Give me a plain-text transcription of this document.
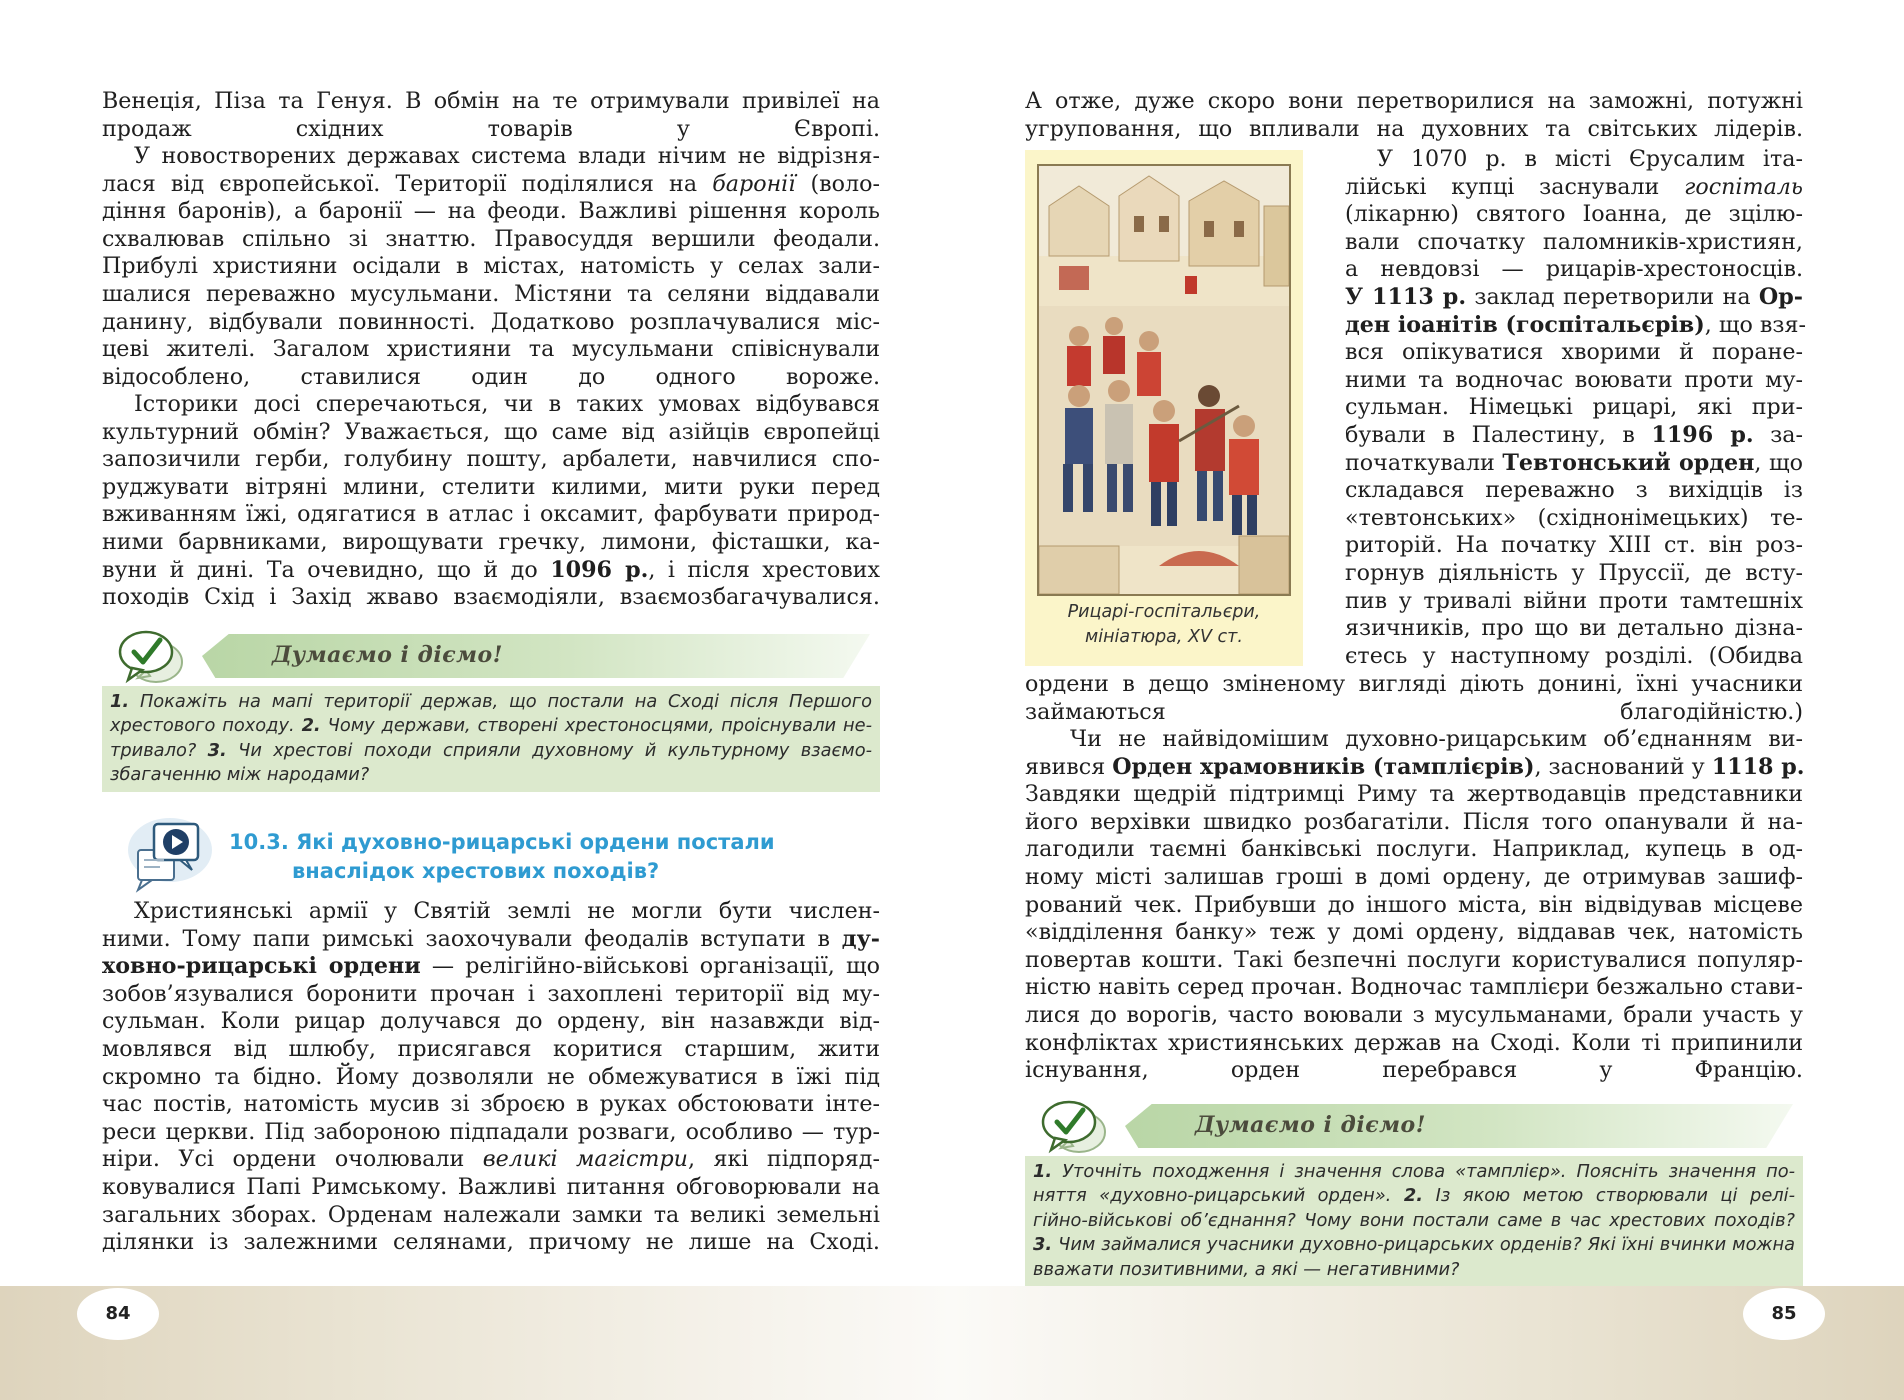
Венеція, Піза та Генуя. В обмін на те отримували привілеї на
продаж східних товарів у Європі.
У новостворених державах система влади нічим не відрізня-
лася від європейської. Території поділялися на баронії (воло-
діння баронів), а баронії — на феоди. Важливі рішення король
схвалював спільно зі знаттю. Правосуддя вершили феодали.
Прибулі християни осідали в містах, натомість у селах зали-
шалися переважно мусульмани. Містяни та селяни віддавали
данину, відбували повинності. Додатково розплачувалися міс-
цеві жителі. Загалом християни та мусульмани співіснували
відособлено, ставилися один до одного вороже.
Історики досі сперечаються, чи в таких умовах відбувався
культурний обмін? Уважається, що саме від азійців європейці
запозичили герби, голубину пошту, арбалети, навчилися спо-
руджувати вітряні млини, стелити килими, мити руки перед
вживанням їжі, одягатися в атлас і оксамит, фарбувати природ-
ними барвниками, вирощувати гречку, лимони, фісташки, ка-
вуни й дині. Та очевидно, що й до 1096 р., і після хрестових
походів Схід і Захід жваво взаємодіяли, взаємозбагачувалися.
Думаємо і діємо!
1. Покажіть на мапі території держав, що постали на Сході після Першого
хрестового походу. 2. Чому держави, створені хрестоносцями, проіснували не-
тривало? 3. Чи хрестові походи сприяли духовному й культурному взаємо-
збагаченню між народами?
10.3. Які духовно-рицарські ордени постали
внаслідок хрестових походів?
Християнські армії у Святій землі не могли бути числен-
ними. Тому папи римські заохочували феодалів вступати в ду-
ховно-рицарські ордени — релігійно-військові організації, що
зобов’язувалися боронити прочан і захоплені території від му-
сульман. Коли рицар долучався до ордену, він назавжди від-
мовлявся від шлюбу, присягався коритися старшим, жити
скромно та бідно. Йому дозволяли не обмежуватися в їжі під
час постів, натомість мусив зі зброєю в руках обстоювати інте-
реси церкви. Під забороною підпадали розваги, особливо — тур-
ніри. Усі ордени очолювали великі магістри, які підпоряд-
ковувалися Папі Римському. Важливі питання обговорювали на
загальних зборах. Орденам належали замки та великі земельні
ділянки із залежними селянами, причому не лише на Сході.
А отже, дуже скоро вони перетворилися на заможні, потужні
угруповання, що впливали на духовних та світських лідерів.
Рицарі-госпітальєри,
мініатюра, XV ст.
У 1070 р. в місті Єрусалим іта-
лійські купці заснували госпіталь
(лікарню) святого Іоанна, де зцілю-
вали спочатку паломників-християн,
а невдовзі — рицарів-хрестоносців.
У 1113 р. заклад перетворили на Ор-
ден іоанітів (госпітальєрів), що взя-
вся опікуватися хворими й поране-
ними та водночас воювати проти му-
сульман. Німецькі рицарі, які при-
бували в Палестину, в 1196 р. за-
початкували Тевтонський орден, що
складався переважно з вихідців із
«тевтонських» (східнонімецьких) те-
риторій. На початку XIII ст. він роз-
горнув діяльність у Пруссії, де всту-
пив у тривалі війни проти тамтешніх
язичників, про що ви детально дізна-
єтесь у наступному розділі. (Обидва
ордени в дещо зміненому вигляді діють донині, їхні учасники
займаються благодійністю.)
Чи не найвідомішим духовно-рицарським об’єднанням ви-
явився Орден храмовників (тамплієрів), заснований у 1118 р.
Завдяки щедрій підтримці Риму та жертводавців представники
його верхівки швидко розбагатіли. Після того опанували й на-
лагодили таємні банківські послуги. Наприклад, купець в од-
ному місті залишав гроші в домі ордену, де отримував зашиф-
рований чек. Прибувши до іншого міста, він відвідував місцеве
«відділення банку» теж у домі ордену, віддавав чек, натомість
повертав кошти. Такі безпечні послуги користувалися популяр-
ністю навіть серед прочан. Водночас тамплієри безжально стави-
лися до ворогів, часто воювали з мусульманами, брали участь у
конфліктах християнських держав на Сході. Коли ті припинили
існування, орден перебрався у Францію.
Думаємо і діємо!
1. Уточніть походження і значення слова «тамплієр». Поясніть значення по-
няття «духовно-рицарський орден». 2. Із якою метою створювали ці релі-
гійно-військові об’єднання? Чому вони постали саме в час хрестових походів?
3. Чим займалися учасники духовно-рицарських орденів? Які їхні вчинки можна
вважати позитивними, а які — негативними?
84	85
